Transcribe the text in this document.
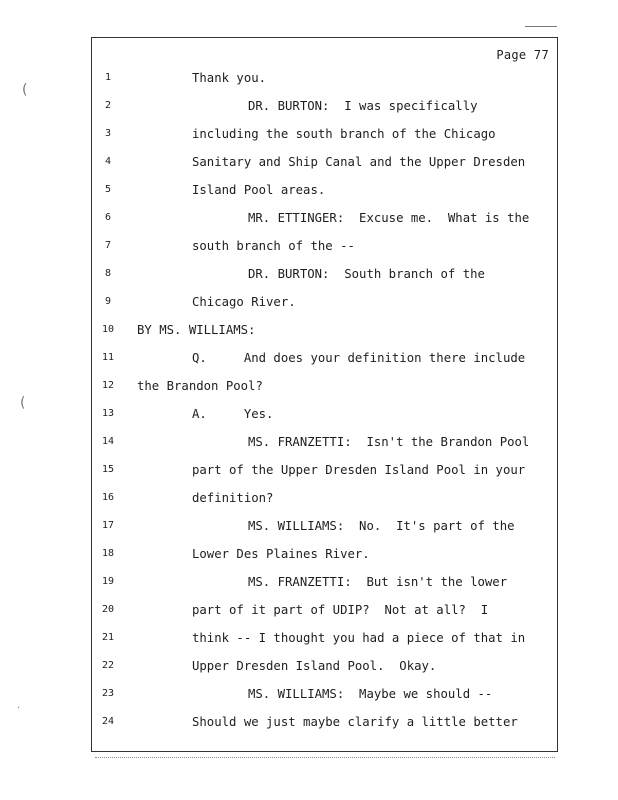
(
(
.
Page 77
1	Thank you.
2	DR. BURTON:  I was specifically
3	including the south branch of the Chicago
4	Sanitary and Ship Canal and the Upper Dresden
5	Island Pool areas.
6	MR. ETTINGER:  Excuse me.  What is the
7	south branch of the --
8	DR. BURTON:  South branch of the
9	Chicago River.
10	BY MS. WILLIAMS:
11	Q.     And does your definition there include
12	the Brandon Pool?
13	A.     Yes.
14	MS. FRANZETTI:  Isn't the Brandon Pool
15	part of the Upper Dresden Island Pool in your
16	definition?
17	MS. WILLIAMS:  No.  It's part of the
18	Lower Des Plaines River.
19	MS. FRANZETTI:  But isn't the lower
20	part of it part of UDIP?  Not at all?  I
21	think -- I thought you had a piece of that in
22	Upper Dresden Island Pool.  Okay.
23	MS. WILLIAMS:  Maybe we should --
24	Should we just maybe clarify a little better
